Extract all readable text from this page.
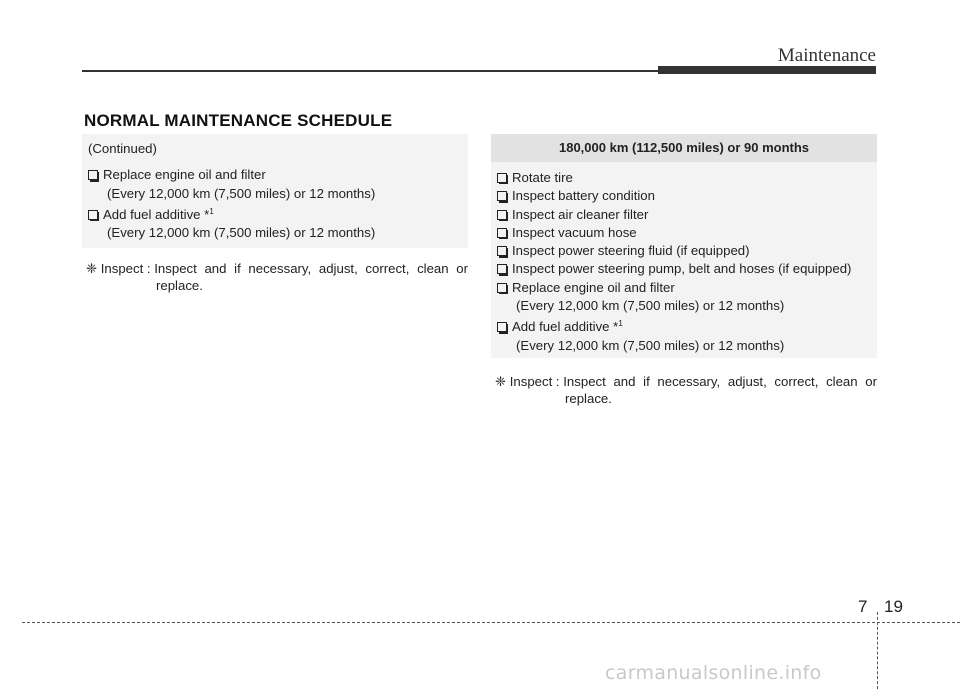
Maintenance
NORMAL MAINTENANCE SCHEDULE
(Continued)
Replace engine oil and filter
(Every 12,000 km (7,500 miles) or 12 months)
Add fuel additive *$^1$
(Every 12,000 km (7,500 miles) or 12 months)
❈
Inspect :
Inspect and if necessary, adjust, correct, clean or
replace.
180,000 km (112,500 miles) or 90 months
Rotate tire
Inspect battery condition
Inspect air cleaner filter
Inspect vacuum hose
Inspect power steering fluid (if equipped)
Inspect power steering pump, belt and hoses (if equipped)
Replace engine oil and filter
(Every 12,000 km (7,500 miles) or 12 months)
Add fuel additive *$^1$
(Every 12,000 km (7,500 miles) or 12 months)
❈
Inspect :
Inspect and if necessary, adjust, correct, clean or
replace.
7 19
carmanualsonline.info
